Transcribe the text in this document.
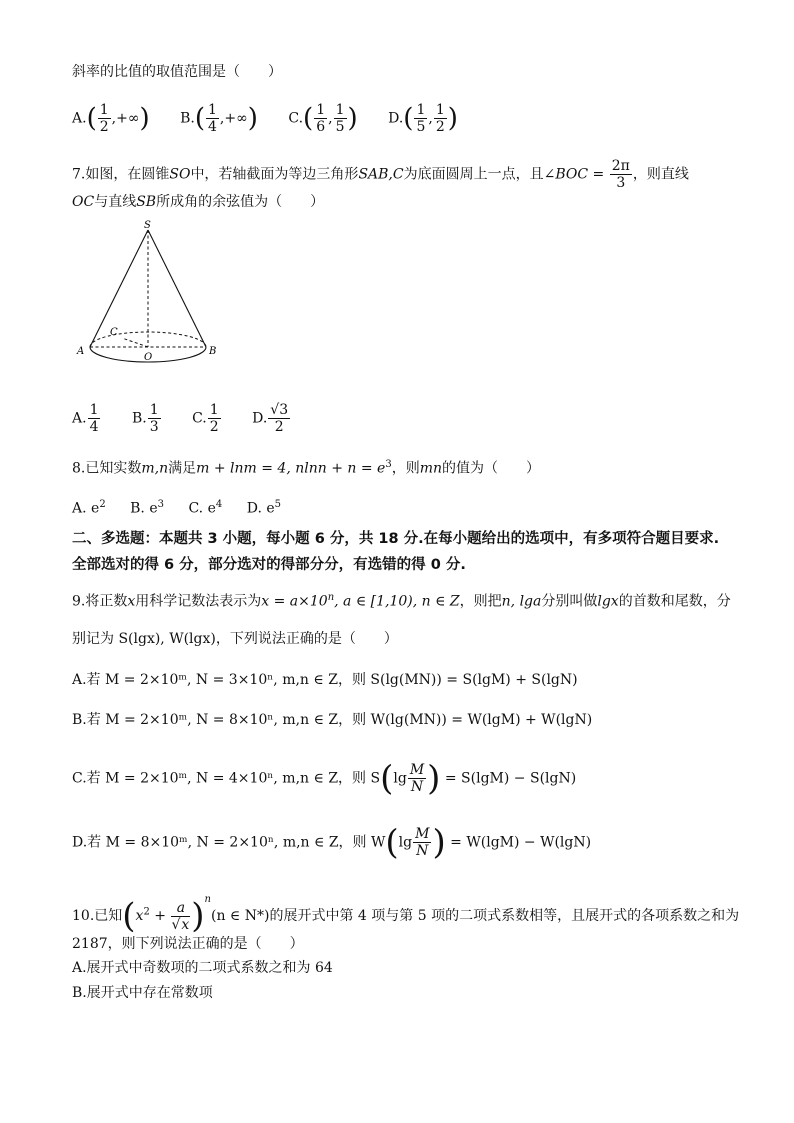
斜率的比值的取值范围是（　　）
$A.( \frac{1}{2}$ ,+∞) $B.( \frac{1}{4}$ ,+∞) $C.( \frac{1}{6}$ , $\frac{1}{5}$ ) $D.( \frac{1}{5}$ , $\frac{1}{2}$ )
7.如图，在圆锥SO中，若轴截面为等边三角形SAB,C为底面圆周上一点，且∠BOC = $\frac{2\pi}{3}$ ，则直线
OC与直线SB所成角的余弦值为（　　）
S
C
A
O
B
A. $\frac{1}{4} B$. $\frac{1}{3} C$. $\frac{1}{2} D$. $\frac{√3}{2}$
8.已知实数m,n满足m + lnm = 4, $nlnn + n = e^3$，则mn的值为（　　）
A. $e^2$ B. $e^3$ C. $e^4$ D. $e^5$
二、多选题：本题共 3 小题，每小题 6 分，共 18 分.在每小题给出的选项中，有多项符合题目要求.全部选对的得 6 分，部分选对的得部分分，有选错的得 0 分.
9.将正数x用科学记数法表示为$x = a\times 10^n$, a ∈ [1,10), n ∈ Z，则把n, lga分别叫做lgx的首数和尾数，分
别记为 S(lgx), W(lgx)，下列说法正确的是（　　）
A.若 M = 2×10ᵐ, N = 3×10ⁿ, m,n ∈ Z，则 S(lg(MN)) = S(lgM) + S(lgN)
B.若 M = 2×10ᵐ, N = 8×10ⁿ, m,n ∈ Z，则 W(lg(MN)) = W(lgM) + W(lgN)
C.若 M = 2×10ᵐ, N = 4×10ⁿ, m,n ∈ Z，则 $S(\lg \frac{M}{N}$ ) = S(lgM) − S(lgN)
D.若 M = 8×10ᵐ, N = 2×10ⁿ, m,n ∈ Z，则 $W(\lg \frac{M}{N}$ ) = W(lgM) − W(lgN)
10.已知$(x^2 + \frac{a}{√x} )^n(n$ ∈ N*)的展开式中第 4 项与第 5 项的二项式系数相等，且展开式的各项系数之和为
2187，则下列说法正确的是（　　）
A.展开式中奇数项的二项式系数之和为 64
B.展开式中存在常数项
